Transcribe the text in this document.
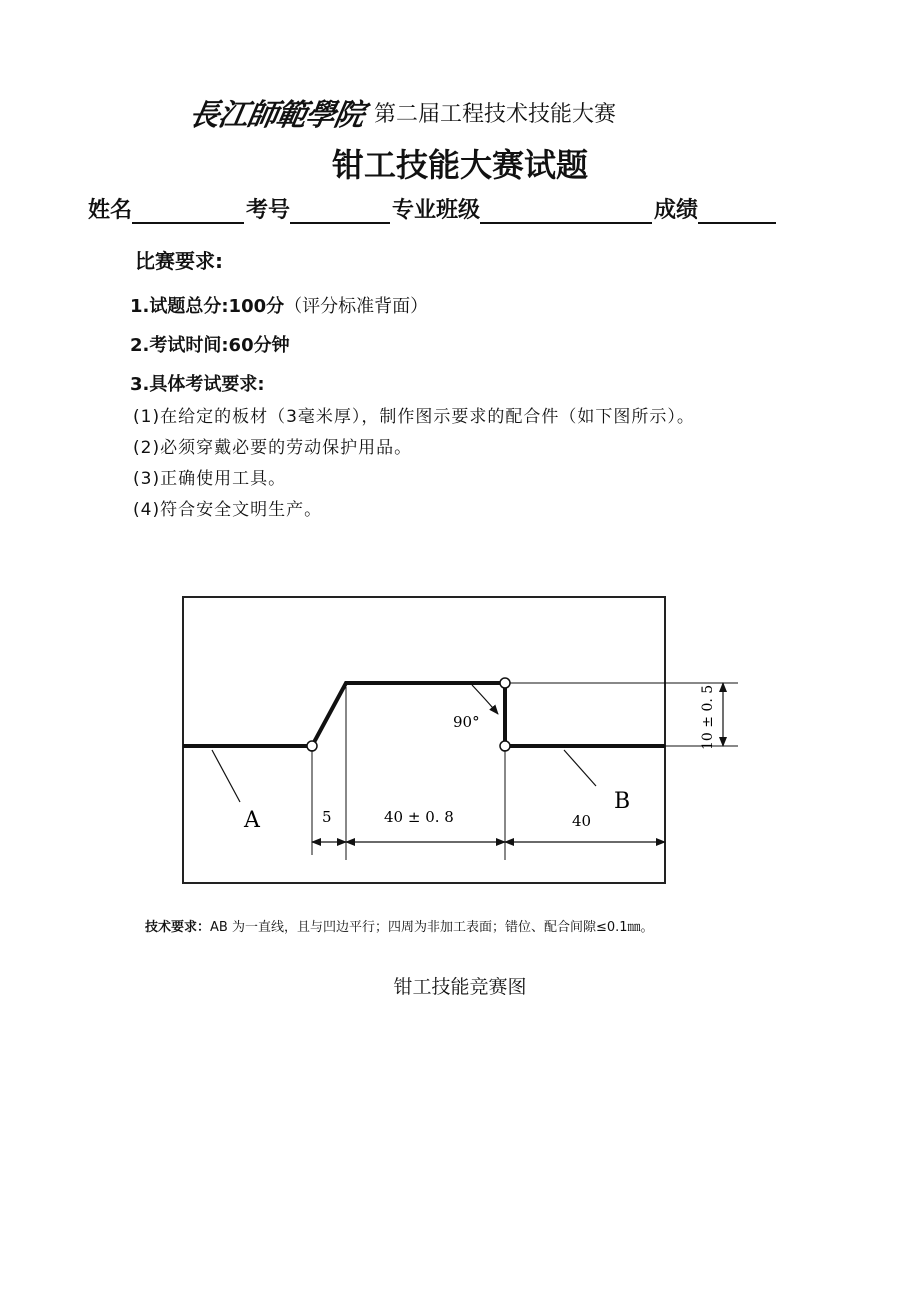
長江師範學院 第二届工程技术技能大赛
钳工技能大赛试题
姓名	考号	专业班级	成绩
比赛要求:
1.试题总分:100分（评分标准背面）
2.考试时间:60分钟
3.具体考试要求:
(1)在给定的板材（3毫米厚），制作图示要求的配合件（如下图所示）。
(2)必须穿戴必要的劳动保护用品。
(3)正确使用工具。
(4)符合安全文明生产。
90°
A
B
5	40 ± 0. 8	40
10 ± 0. 5
技术要求：AB 为一直线，且与凹边平行；四周为非加工表面；错位、配合间隙≤0.1㎜。
钳工技能竞赛图
